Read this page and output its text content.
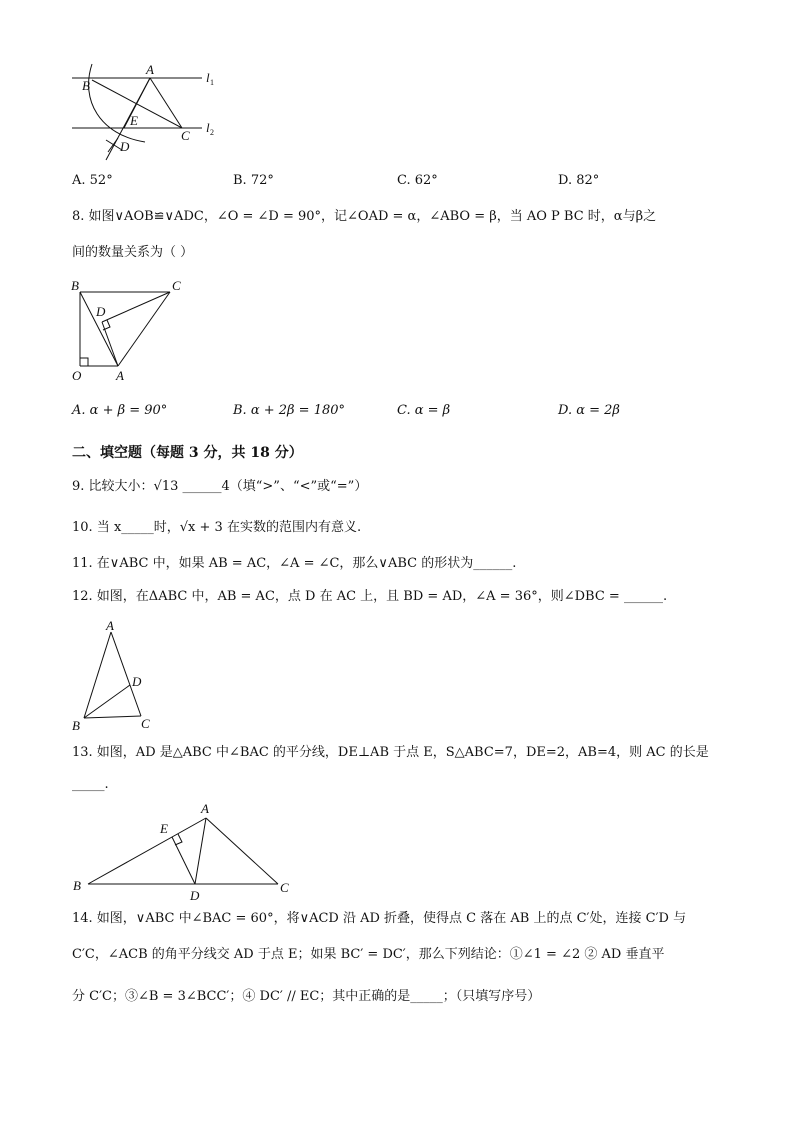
B
A
E
C
D
l 1
l 2
A. 52°	B. 72°	C. 62°	D. 82°
8. 如图∨AOB≌∨ADC，∠O = ∠D = 90°，记∠OAD = α，∠ABO = β，当 AO P BC 时，α与β之
间的数量关系为（ ）
B	C
D
O	A
A. α + β = 90°	B. α + 2β = 180°	C. α = β	D. α = 2β
二、填空题（每题 3 分，共 18 分）
9. 比较大小：√13 ______4（填“>”、“<”或“=”）
10. 当 x_____时，√x + 3 在实数的范围内有意义.
11. 在∨ABC 中，如果 AB = AC，∠A = ∠C，那么∨ABC 的形状为______.
12. 如图，在ΔABC 中，AB = AC，点 D 在 AC 上，且 BD = AD，∠A = 36°，则∠DBC = ______.
A
D
B	C
13. 如图，AD 是△ABC 中∠BAC 的平分线，DE⊥AB 于点 E，S△ABC=7，DE=2，AB=4，则 AC 的长是
_____.
A
E
B
D
C
14. 如图，∨ABC 中∠BAC = 60°，将∨ACD 沿 AD 折叠，使得点 C 落在 AB 上的点 C′处，连接 C′D 与
C′C，∠ACB 的角平分线交 AD 于点 E；如果 BC′ = DC′，那么下列结论：①∠1 = ∠2 ② AD 垂直平
分 C′C；③∠B = 3∠BCC′；④ DC′ // EC；其中正确的是_____；（只填写序号）
